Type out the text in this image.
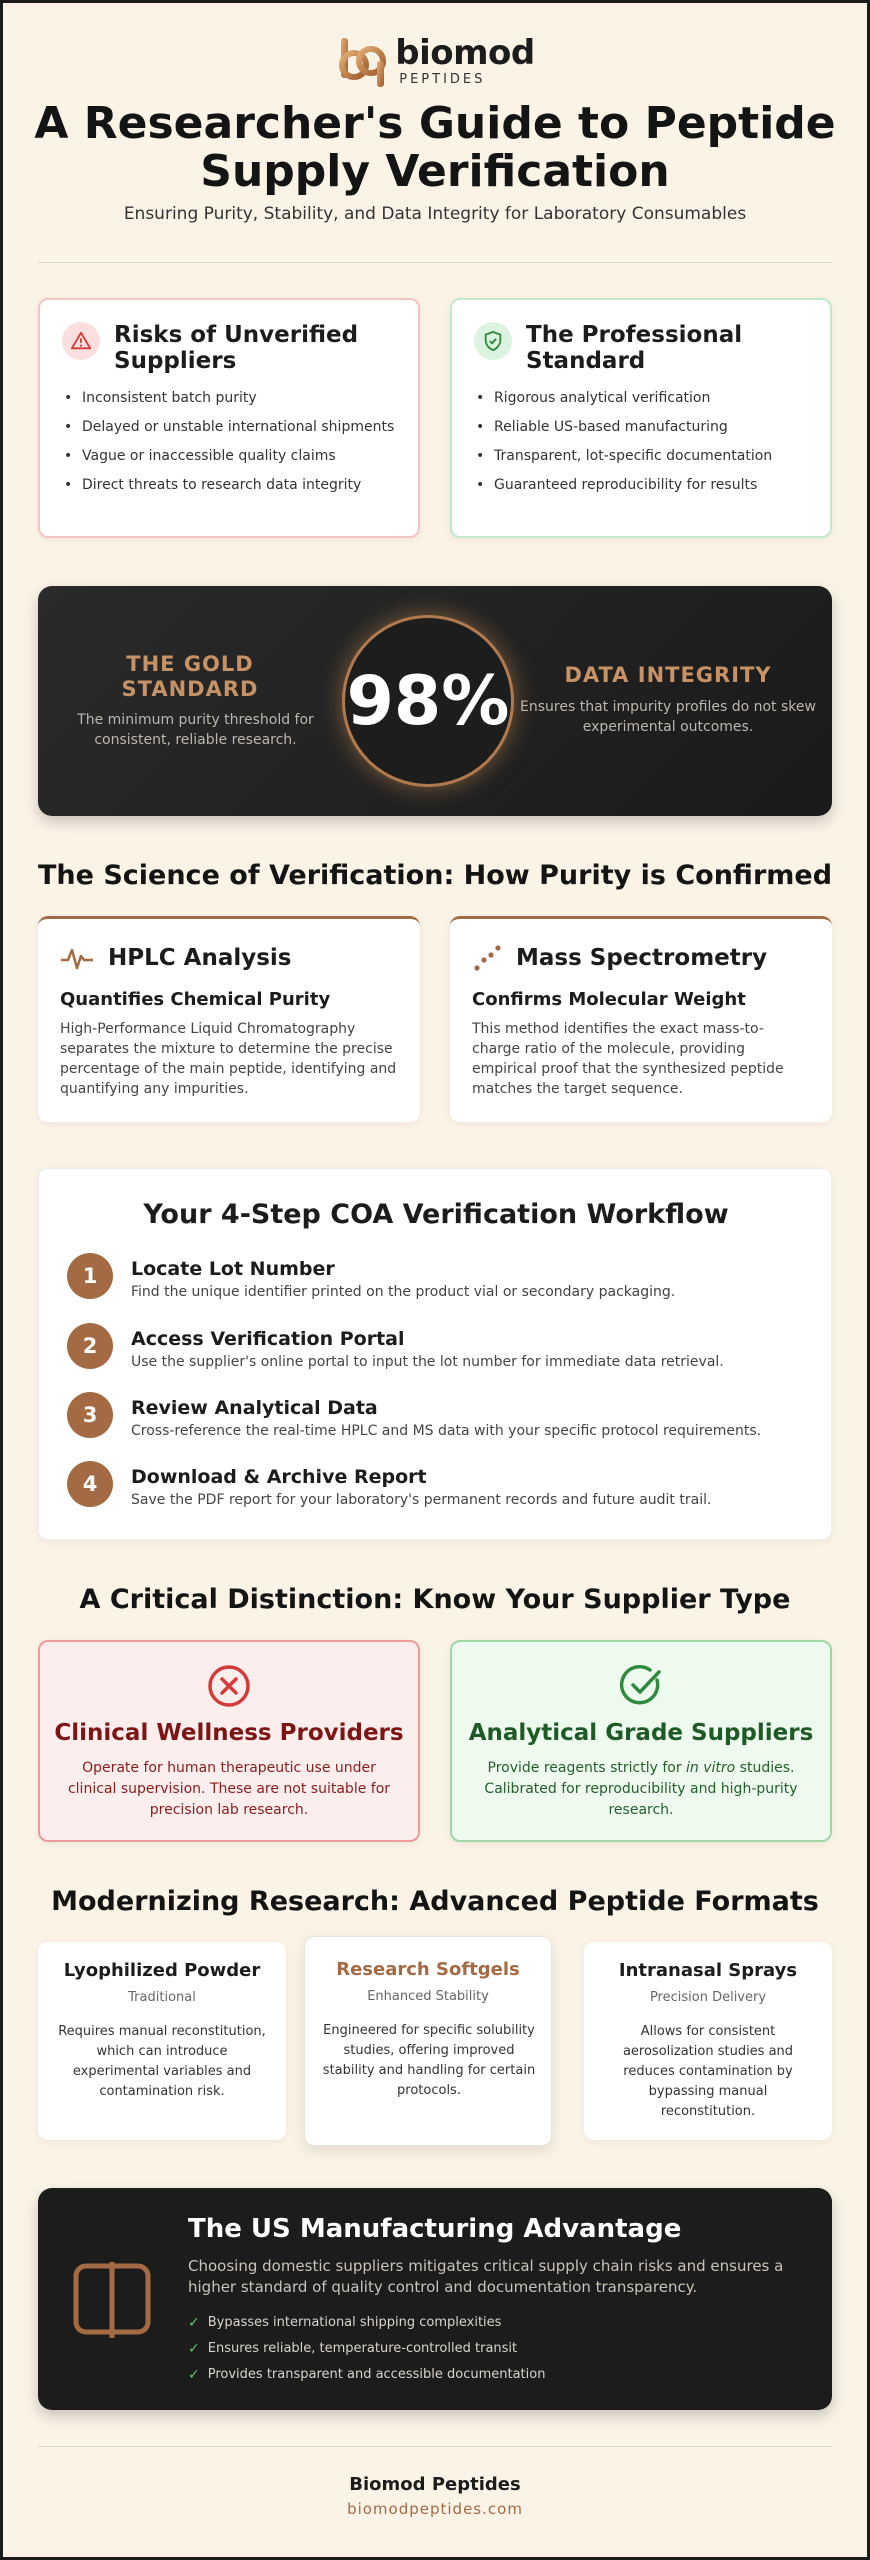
biomod
PEPTIDES
A Researcher's Guide to Peptide
Supply Verification
Ensuring Purity, Stability, and Data Integrity for Laboratory Consumables
Risks of Unverified Suppliers
• Inconsistent batch purity
• Delayed or unstable international shipments
• Vague or inaccessible quality claims
• Direct threats to research data integrity
The Professional Standard
• Rigorous analytical verification
• Reliable US-based manufacturing
• Transparent, lot-specific documentation
• Guaranteed reproducibility for results
THE GOLD STANDARD
The minimum purity threshold for consistent, reliable research. 98%	DATA INTEGRITY
Ensures that impurity profiles do not skew experimental outcomes.
The Science of Verification: How Purity is Confirmed
HPLC Analysis
Quantifies Chemical Purity
High-Performance Liquid Chromatography separates the mixture to determine the precise percentage of the main peptide, identifying and quantifying any impurities.
Mass Spectrometry
Confirms Molecular Weight
This method identifies the exact mass-to-charge ratio of the molecule, providing empirical proof that the synthesized peptide matches the target sequence.
Your 4-Step COA Verification Workflow
1	Locate Lot Number
Find the unique identifier printed on the product vial or secondary packaging.
2	Access Verification Portal
Use the supplier's online portal to input the lot number for immediate data retrieval.
3	Review Analytical Data
Cross-reference the real-time HPLC and MS data with your specific protocol requirements.
4	Download & Archive Report
Save the PDF report for your laboratory's permanent records and future audit trail.
A Critical Distinction: Know Your Supplier Type
Clinical Wellness Providers
Operate for human therapeutic use under clinical supervision. These are not suitable for precision lab research.
Analytical Grade Suppliers
Provide reagents strictly for in vitro studies. Calibrated for reproducibility and high-purity research.
Modernizing Research: Advanced Peptide Formats
Lyophilized Powder
Traditional
Requires manual reconstitution, which can introduce experimental variables and contamination risk.
Research Softgels
Enhanced Stability
Engineered for specific solubility studies, offering improved stability and handling for certain protocols.
Intranasal Sprays
Precision Delivery
Allows for consistent aerosolization studies and reduces contamination by bypassing manual reconstitution.
The US Manufacturing Advantage
Choosing domestic suppliers mitigates critical supply chain risks and ensures a higher standard of quality control and documentation transparency.
✓ Bypasses international shipping complexities
✓ Ensures reliable, temperature-controlled transit
✓ Provides transparent and accessible documentation
Biomod Peptides
biomodpeptides.com
